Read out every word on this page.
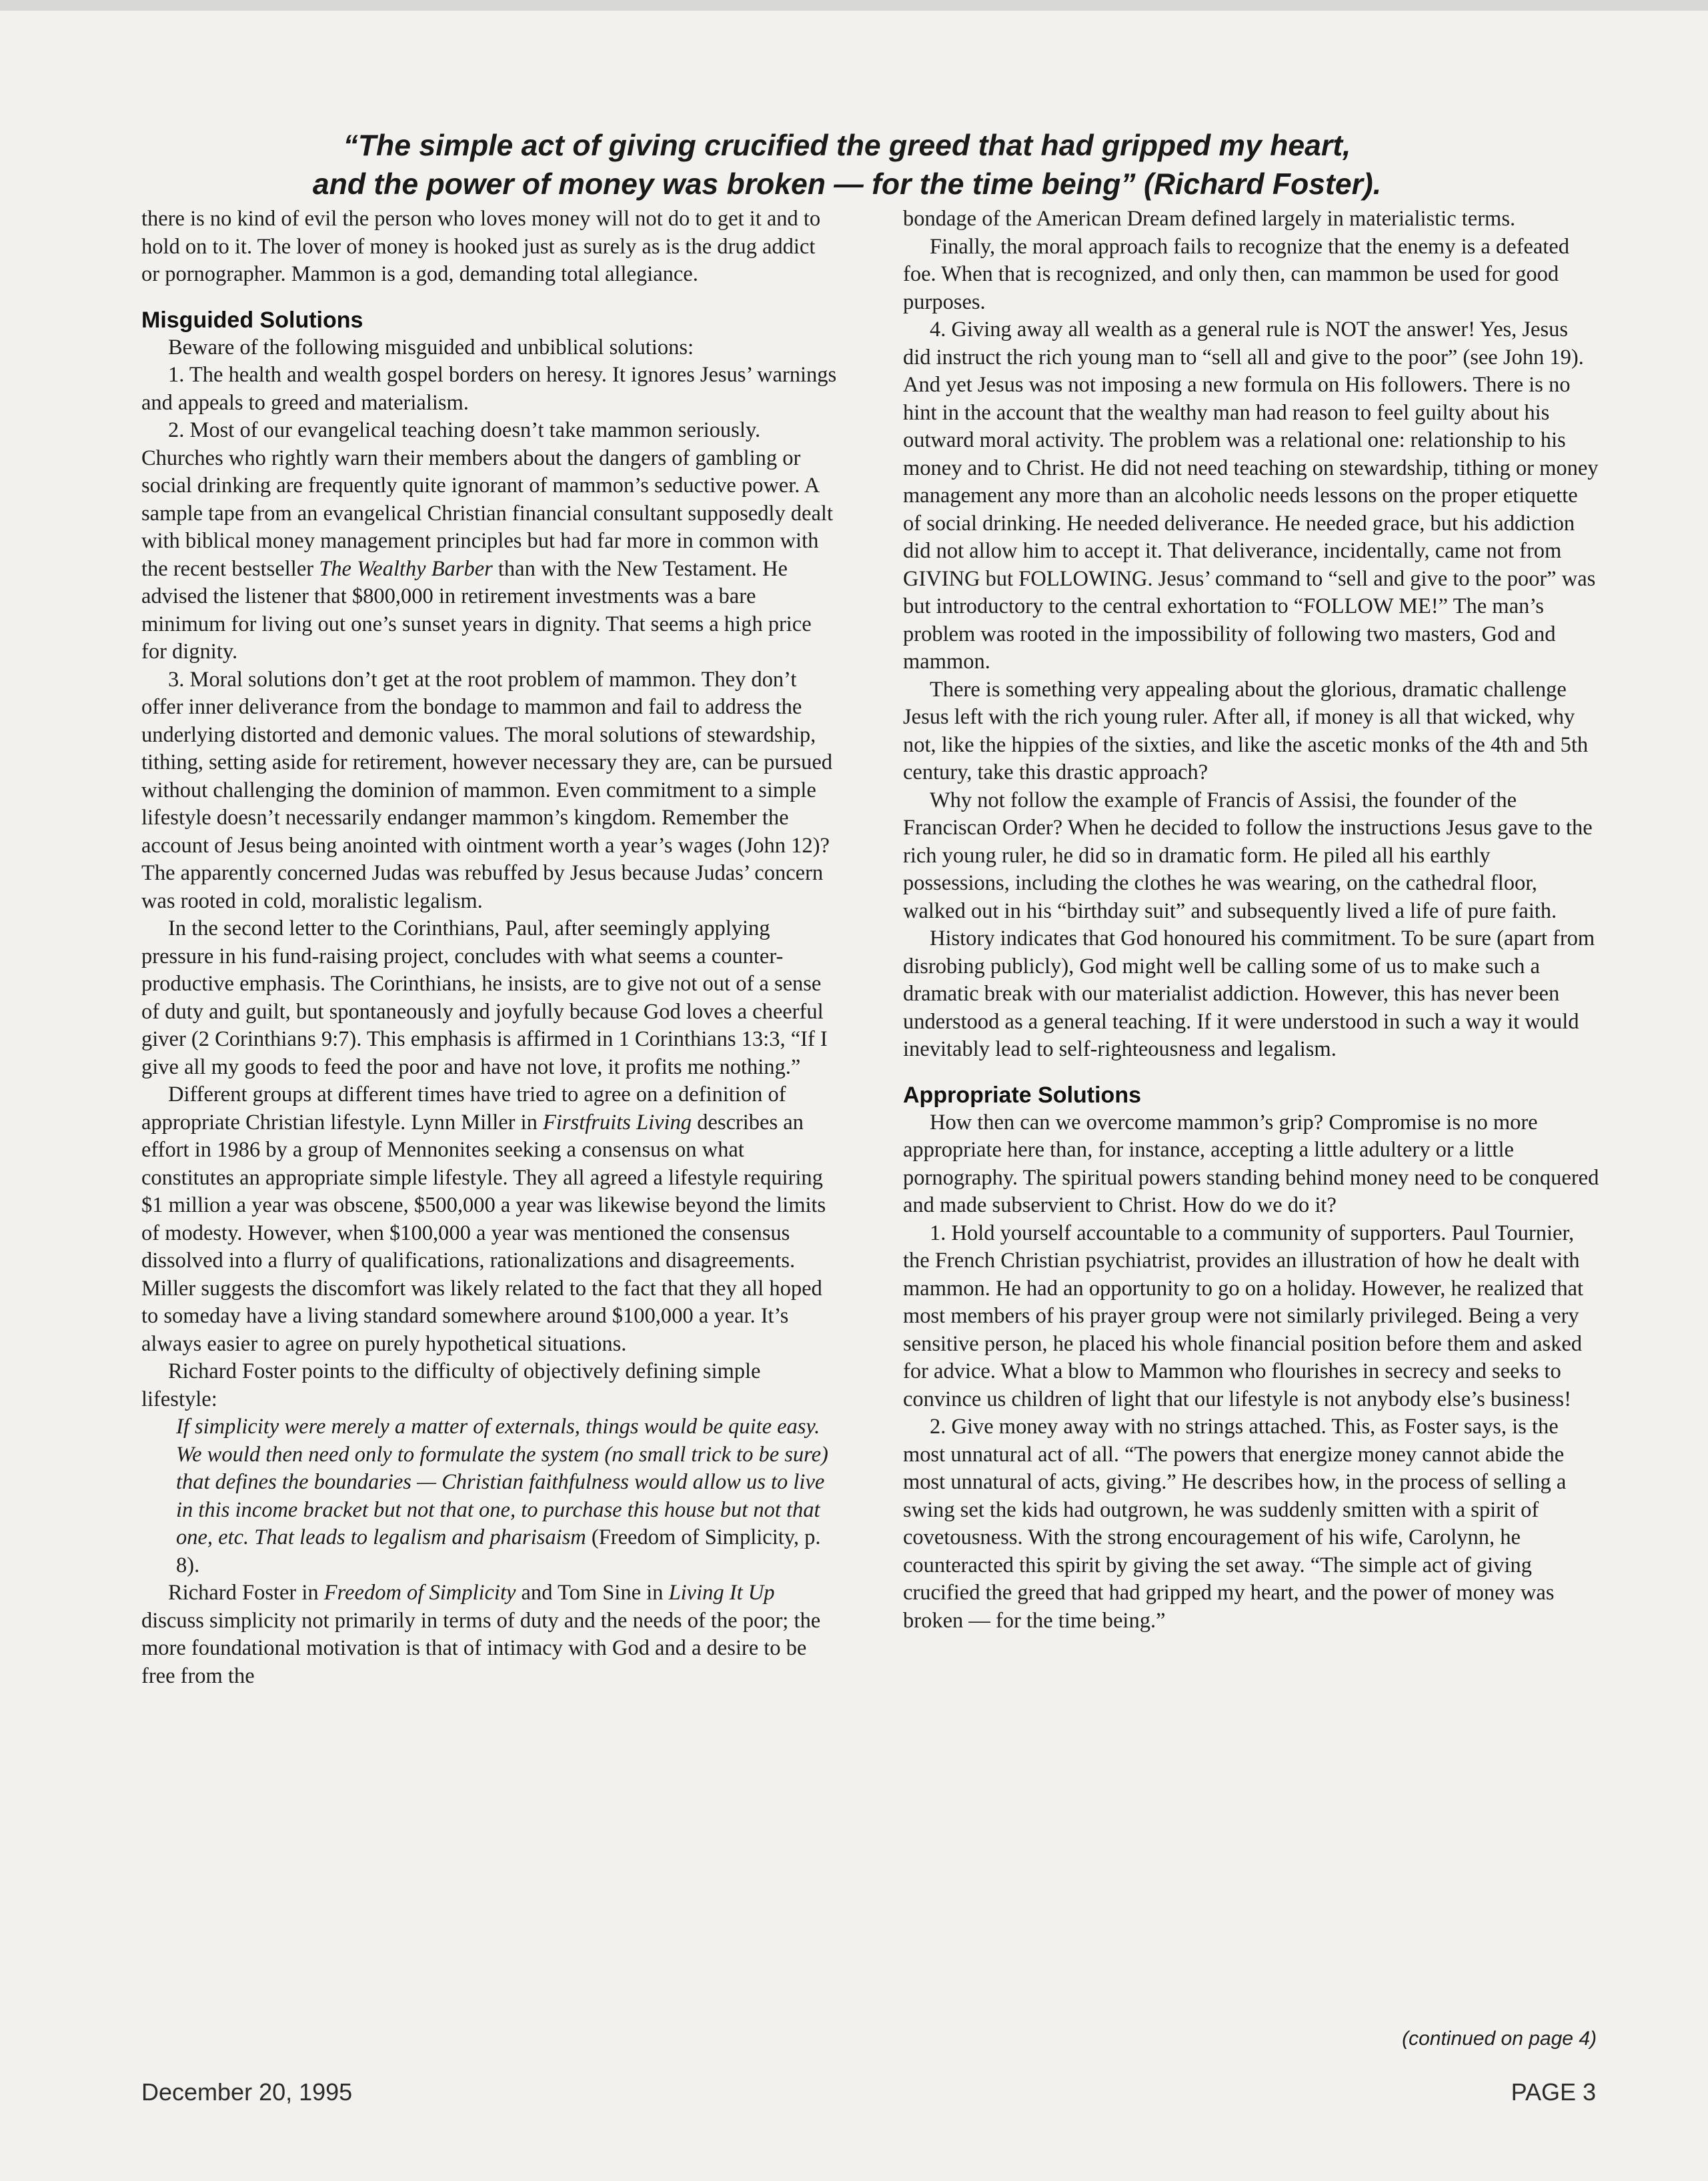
“The simple act of giving crucified the greed that had gripped my heart,
and the power of money was broken — for the time being” (Richard Foster).

there is no kind of evil the person who loves money will not do to get it and to hold on to it. The lover of money is hooked just as surely as is the drug addict or pornographer. Mammon is a god, demanding total allegiance.

Misguided Solutions

Beware of the following misguided and unbiblical solutions:

1. The health and wealth gospel borders on heresy. It ignores Jesus’ warnings and appeals to greed and materialism.

2. Most of our evangelical teaching doesn’t take mammon seriously. Churches who rightly warn their members about the dangers of gambling or social drinking are frequently quite ignorant of mammon’s seductive power. A sample tape from an evangelical Christian financial consultant supposedly dealt with biblical money management principles but had far more in common with the recent bestseller The Wealthy Barber than with the New Testament. He advised the listener that $800,000 in retirement investments was a bare minimum for living out one’s sunset years in dignity. That seems a high price for dignity.

3. Moral solutions don’t get at the root problem of mammon. They don’t offer inner deliverance from the bondage to mammon and fail to address the underlying distorted and demonic values. The moral solutions of stewardship, tithing, setting aside for retirement, however necessary they are, can be pursued without challenging the dominion of mammon. Even commitment to a simple lifestyle doesn’t necessarily endanger mammon’s kingdom. Remember the account of Jesus being anointed with ointment worth a year’s wages (John 12)? The apparently concerned Judas was rebuffed by Jesus because Judas’ concern was rooted in cold, moralistic legalism.

In the second letter to the Corinthians, Paul, after seemingly applying pressure in his fund-raising project, concludes with what seems a counter-productive emphasis. The Corinthians, he insists, are to give not out of a sense of duty and guilt, but spontaneously and joyfully because God loves a cheerful giver (2 Corinthians 9:7). This emphasis is affirmed in 1 Corinthians 13:3, “If I give all my goods to feed the poor and have not love, it profits me nothing.”

Different groups at different times have tried to agree on a definition of appropriate Christian lifestyle. Lynn Miller in Firstfruits Living describes an effort in 1986 by a group of Mennonites seeking a consensus on what constitutes an appropriate simple lifestyle. They all agreed a lifestyle requiring $1 million a year was obscene, $500,000 a year was likewise beyond the limits of modesty. However, when $100,000 a year was mentioned the consensus dissolved into a flurry of qualifications, rationalizations and disagreements. Miller suggests the discomfort was likely related to the fact that they all hoped to someday have a living standard somewhere around $100,000 a year. It’s always easier to agree on purely hypothetical situations.

Richard Foster points to the difficulty of objectively defining simple lifestyle:

If simplicity were merely a matter of externals, things would be quite easy. We would then need only to formulate the system (no small trick to be sure) that defines the boundaries — Christian faithfulness would allow us to live in this income bracket but not that one, to purchase this house but not that one, etc. That leads to legalism and pharisaism (Freedom of Simplicity, p. 8).

Richard Foster in Freedom of Simplicity and Tom Sine in Living It Up discuss simplicity not primarily in terms of duty and the needs of the poor; the more foundational motivation is that of intimacy with God and a desire to be free from the

bondage of the American Dream defined largely in materialistic terms.

Finally, the moral approach fails to recognize that the enemy is a defeated foe. When that is recognized, and only then, can mammon be used for good purposes.

4. Giving away all wealth as a general rule is NOT the answer! Yes, Jesus did instruct the rich young man to “sell all and give to the poor” (see John 19). And yet Jesus was not imposing a new formula on His followers. There is no hint in the account that the wealthy man had reason to feel guilty about his outward moral activity. The problem was a relational one: relationship to his money and to Christ. He did not need teaching on stewardship, tithing or money management any more than an alcoholic needs lessons on the proper etiquette of social drinking. He needed deliverance. He needed grace, but his addiction did not allow him to accept it. That deliverance, incidentally, came not from GIVING but FOLLOWING. Jesus’ command to “sell and give to the poor” was but introductory to the central exhortation to “FOLLOW ME!” The man’s problem was rooted in the impossibility of following two masters, God and mammon.

There is something very appealing about the glorious, dramatic challenge Jesus left with the rich young ruler. After all, if money is all that wicked, why not, like the hippies of the sixties, and like the ascetic monks of the 4th and 5th century, take this drastic approach?

Why not follow the example of Francis of Assisi, the founder of the Franciscan Order? When he decided to follow the instructions Jesus gave to the rich young ruler, he did so in dramatic form. He piled all his earthly possessions, including the clothes he was wearing, on the cathedral floor, walked out in his “birthday suit” and subsequently lived a life of pure faith.

History indicates that God honoured his commitment. To be sure (apart from disrobing publicly), God might well be calling some of us to make such a dramatic break with our materialist addiction. However, this has never been understood as a general teaching. If it were understood in such a way it would inevitably lead to self-righteousness and legalism.

Appropriate Solutions

How then can we overcome mammon’s grip? Compromise is no more appropriate here than, for instance, accepting a little adultery or a little pornography. The spiritual powers standing behind money need to be conquered and made subservient to Christ. How do we do it?

1. Hold yourself accountable to a community of supporters. Paul Tournier, the French Christian psychiatrist, provides an illustration of how he dealt with mammon. He had an opportunity to go on a holiday. However, he realized that most members of his prayer group were not similarly privileged. Being a very sensitive person, he placed his whole financial position before them and asked for advice. What a blow to Mammon who flourishes in secrecy and seeks to convince us children of light that our lifestyle is not anybody else’s business!

2. Give money away with no strings attached. This, as Foster says, is the most unnatural act of all. “The powers that energize money cannot abide the most unnatural of acts, giving.” He describes how, in the process of selling a swing set the kids had outgrown, he was suddenly smitten with a spirit of covetousness. With the strong encouragement of his wife, Carolynn, he counteracted this spirit by giving the set away. “The simple act of giving crucified the greed that had gripped my heart, and the power of money was broken — for the time being.”

(continued on page 4)
December 20, 1995	PAGE 3
